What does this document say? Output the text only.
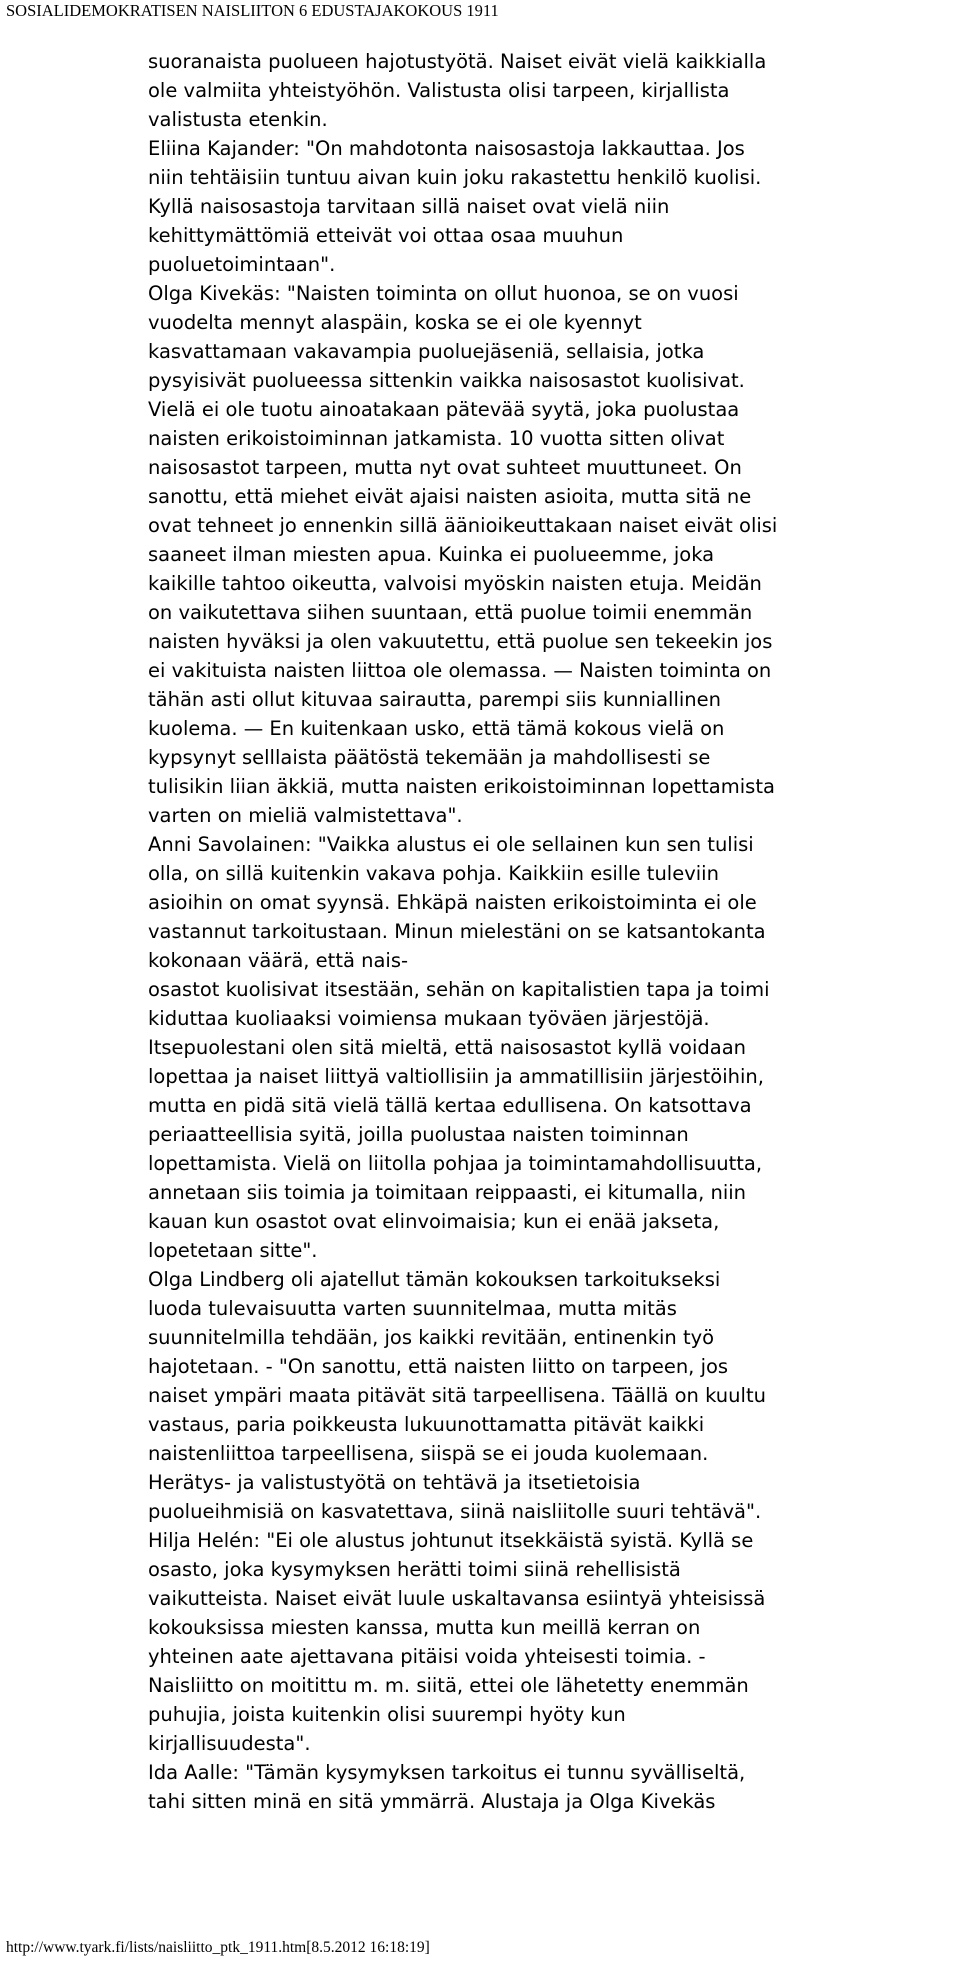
SOSIALIDEMOKRATISEN NAISLIITON 6 EDUSTAJAKOKOUS 1911
suoranaista puolueen hajotustyötä. Naiset eivät vielä kaikkialla
ole valmiita yhteistyöhön. Valistusta olisi tarpeen, kirjallista
valistusta etenkin.
Eliina Kajander: "On mahdotonta naisosastoja lakkauttaa. Jos
niin tehtäisiin tuntuu aivan kuin joku rakastettu henkilö kuolisi.
Kyllä naisosastoja tarvitaan sillä naiset ovat vielä niin
kehittymättömiä etteivät voi ottaa osaa muuhun
puoluetoimintaan".
Olga Kivekäs: "Naisten toiminta on ollut huonoa, se on vuosi
vuodelta mennyt alaspäin, koska se ei ole kyennyt
kasvattamaan vakavampia puoluejäseniä, sellaisia, jotka
pysyisivät puolueessa sittenkin vaikka naisosastot kuolisivat.
Vielä ei ole tuotu ainoatakaan pätevää syytä, joka puolustaa
naisten erikoistoiminnan jatkamista. 10 vuotta sitten olivat
naisosastot tarpeen, mutta nyt ovat suhteet muuttuneet. On
sanottu, että miehet eivät ajaisi naisten asioita, mutta sitä ne
ovat tehneet jo ennenkin sillä äänioikeuttakaan naiset eivät olisi
saaneet ilman miesten apua. Kuinka ei puolueemme, joka
kaikille tahtoo oikeutta, valvoisi myöskin naisten etuja. Meidän
on vaikutettava siihen suuntaan, että puolue toimii enemmän
naisten hyväksi ja olen vakuutettu, että puolue sen tekeekin jos
ei vakituista naisten liittoa ole olemassa. — Naisten toiminta on
tähän asti ollut kituvaa sairautta, parempi siis kunniallinen
kuolema. — En kuitenkaan usko, että tämä kokous vielä on
kypsynyt selllaista päätöstä tekemään ja mahdollisesti se
tulisikin liian äkkiä, mutta naisten erikoistoiminnan lopettamista
varten on mieliä valmistettava".
Anni Savolainen: "Vaikka alustus ei ole sellainen kun sen tulisi
olla, on sillä kuitenkin vakava pohja. Kaikkiin esille tuleviin
asioihin on omat syynsä. Ehkäpä naisten erikoistoiminta ei ole
vastannut tarkoitustaan. Minun mielestäni on se katsantokanta
kokonaan väärä, että nais-
osastot kuolisivat itsestään, sehän on kapitalistien tapa ja toimi
kiduttaa kuoliaaksi voimiensa mukaan työväen järjestöjä.
Itsepuolestani olen sitä mieltä, että naisosastot kyllä voidaan
lopettaa ja naiset liittyä valtiollisiin ja ammatillisiin järjestöihin,
mutta en pidä sitä vielä tällä kertaa edullisena. On katsottava
periaatteellisia syitä, joilla puolustaa naisten toiminnan
lopettamista. Vielä on liitolla pohjaa ja toimintamahdollisuutta,
annetaan siis toimia ja toimitaan reippaasti, ei kitumalla, niin
kauan kun osastot ovat elinvoimaisia; kun ei enää jakseta,
lopetetaan sitte".
Olga Lindberg oli ajatellut tämän kokouksen tarkoitukseksi
luoda tulevaisuutta varten suunnitelmaa, mutta mitäs
suunnitelmilla tehdään, jos kaikki revitään, entinenkin työ
hajotetaan. - "On sanottu, että naisten liitto on tarpeen, jos
naiset ympäri maata pitävät sitä tarpeellisena. Täällä on kuultu
vastaus, paria poikkeusta lukuunottamatta pitävät kaikki
naistenliittoa tarpeellisena, siispä se ei jouda kuolemaan.
Herätys- ja valistustyötä on tehtävä ja itsetietoisia
puolueihmisiä on kasvatettava, siinä naisliitolle suuri tehtävä".
Hilja Helén: "Ei ole alustus johtunut itsekkäistä syistä. Kyllä se
osasto, joka kysymyksen herätti toimi siinä rehellisistä
vaikutteista. Naiset eivät luule uskaltavansa esiintyä yhteisissä
kokouksissa miesten kanssa, mutta kun meillä kerran on
yhteinen aate ajettavana pitäisi voida yhteisesti toimia. -
Naisliitto on moitittu m. m. siitä, ettei ole lähetetty enemmän
puhujia, joista kuitenkin olisi suurempi hyöty kun
kirjallisuudesta".
Ida Aalle: "Tämän kysymyksen tarkoitus ei tunnu syvälliseltä,
tahi sitten minä en sitä ymmärrä. Alustaja ja Olga Kivekäs
http://www.tyark.fi/lists/naisliitto_ptk_1911.htm[8.5.2012 16:18:19]
